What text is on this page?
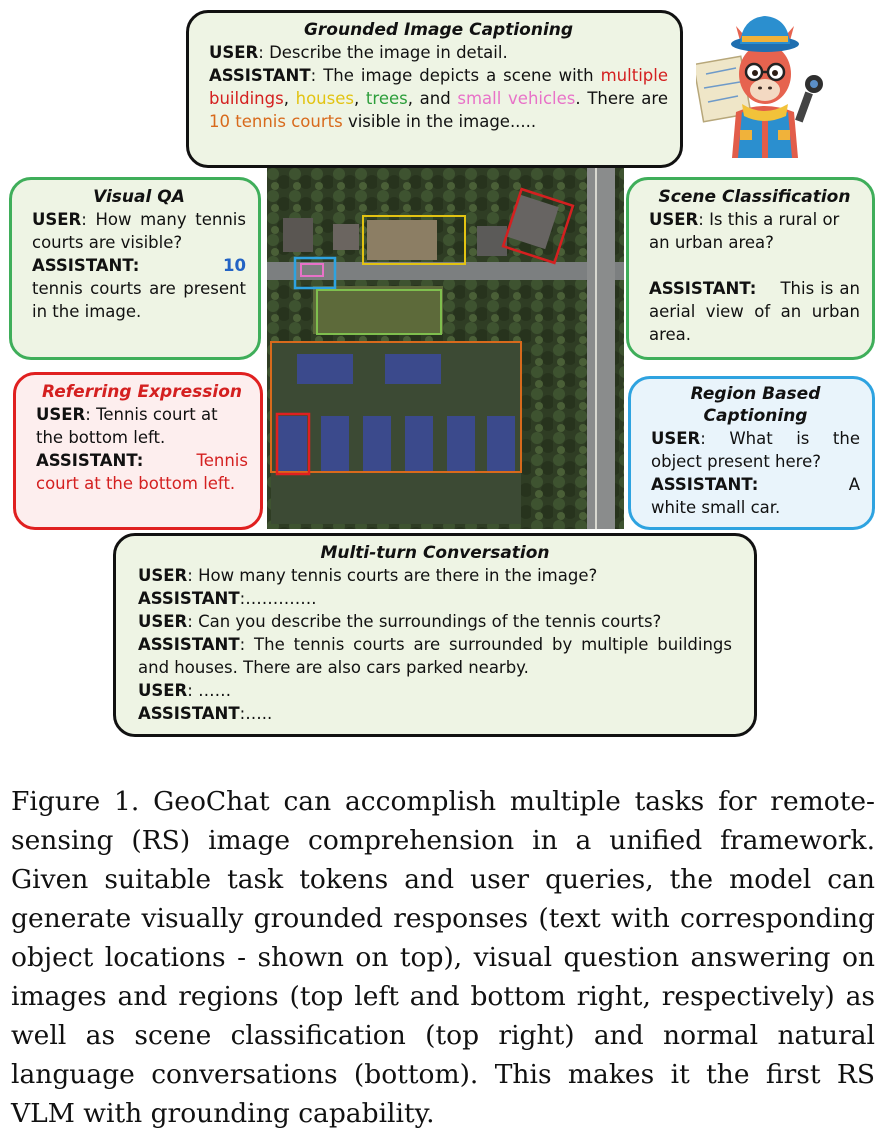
Grounded Image Captioning
USER: Describe the image in detail.
ASSISTANT: The image depicts a scene with multiple buildings, houses, trees, and small vehicles. There are 10 tennis courts visible in the image.....
Visual QA
USER: How many tennis courts are visible?
ASSISTANT:	10
tennis courts are present in the image.
Scene Classification
USER: Is this a rural or an urban area?
ASSISTANT: This is an aerial view of an urban area.
Referring Expression
USER: Tennis court at the bottom left.
ASSISTANT:	Tennis court at the bottom left.
Region Based Captioning
USER: What is the object present here?
ASSISTANT:	A white small car.
Multi-turn Conversation
USER: How many tennis courts are there in the image?
ASSISTANT:………….
USER: Can you describe the surroundings of the tennis courts?
ASSISTANT: The tennis courts are surrounded by multiple buildings and houses. There are also cars parked nearby.
USER: ……
ASSISTANT:…..
Figure 1. GeoChat can accomplish multiple tasks for remote-sensing (RS) image comprehension in a unified framework. Given suitable task tokens and user queries, the model can generate visually grounded responses (text with corresponding object locations - shown on top), visual question answering on images and regions (top left and bottom right, respectively) as well as scene classification (top right) and normal natural language conversations (bottom). This makes it the first RS VLM with grounding capability.
